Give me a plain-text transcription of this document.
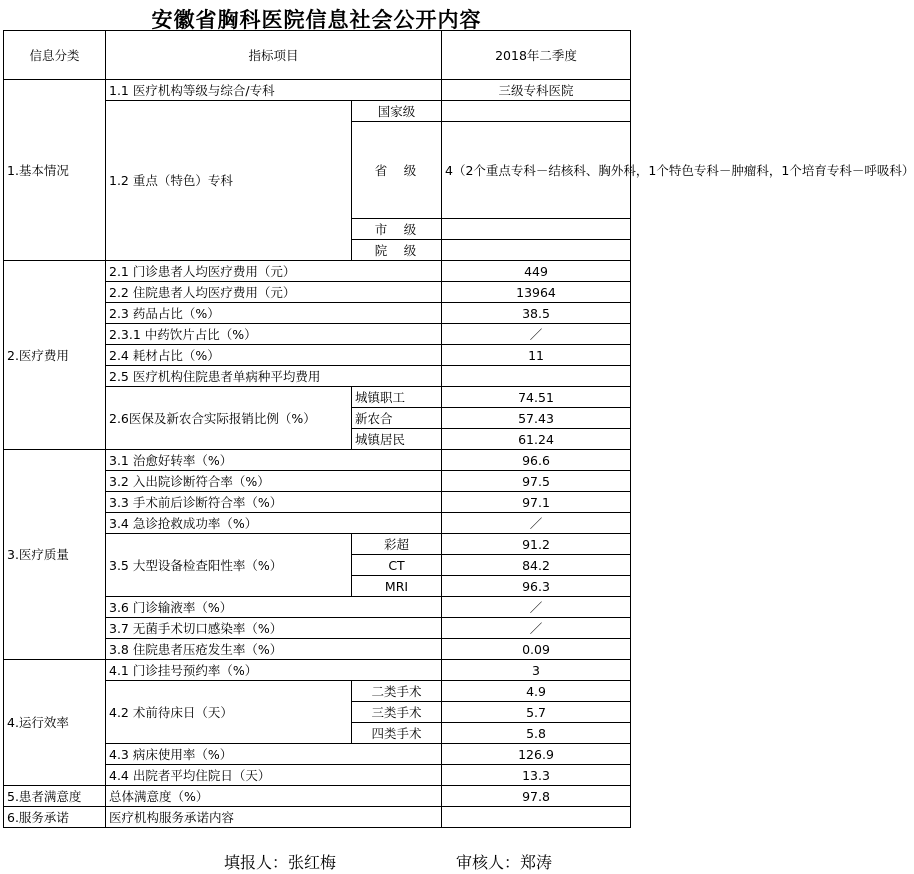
安徽省胸科医院信息社会公开内容
信息分类	指标项目		2018年二季度
1.基本情况	1.1 医疗机构等级与综合/专科		三级专科医院
	1.2 重点（特色）专科	国家级	
		省　级	4（2个重点专科－结核科、胸外科，1个特色专科－肿瘤科，1个培育专科－呼吸科）
		市　级	
		院　级	

2.医疗费用	2.1 门诊患者人均医疗费用（元）		449
	2.2 住院患者人均医疗费用（元）		13964
	2.3 药品占比（%）		38.5
	2.3.1 中药饮片占比（%）		／
	2.4 耗材占比（%）		11
	2.5 医疗机构住院患者单病种平均费用		
	2.6医保及新农合实际报销比例（%）	城镇职工	74.51
		新农合	57.43
		城镇居民	61.24
3.医疗质量	3.1 治愈好转率（%）		96.6
	3.2 入出院诊断符合率（%）		97.5
	3.3 手术前后诊断符合率（%）		97.1
	3.4 急诊抢救成功率（%）		／
	3.5 大型设备检查阳性率（%）	彩超	91.2
		CT	84.2
		MRI	96.3
	3.6 门诊输液率（%）		／
	3.7 无菌手术切口感染率（%）		／
	3.8 住院患者压疮发生率（%）		0.09
4.运行效率	4.1 门诊挂号预约率（%）		3
	4.2 术前待床日（天）	二类手术	4.9
		三类手术	5.7
		四类手术	5.8
	4.3 病床使用率（%）		126.9
	4.4 出院者平均住院日（天）		13.3
5.患者满意度	总体满意度（%）		97.8
6.服务承诺	医疗机构服务承诺内容		
填报人：张红梅	审核人：郑涛
